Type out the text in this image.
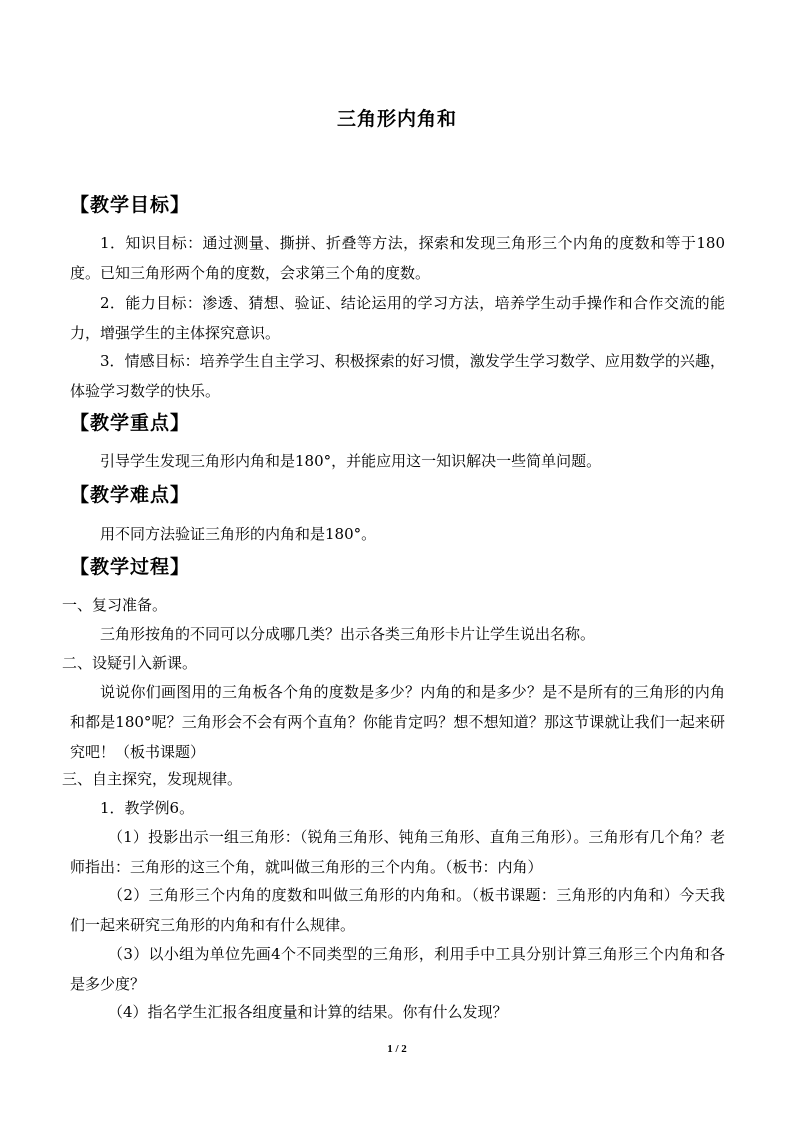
三角形内角和
【教学目标】
1．知识目标：通过测量、撕拼、折叠等方法，探索和发现三角形三个内角的度数和等于180度。已知三角形两个角的度数，会求第三个角的度数。
2．能力目标：渗透、猜想、验证、结论运用的学习方法，培养学生动手操作和合作交流的能力，增强学生的主体探究意识。
3．情感目标：培养学生自主学习、积极探索的好习惯，激发学生学习数学、应用数学的兴趣，体验学习数学的快乐。
【教学重点】
引导学生发现三角形内角和是180°，并能应用这一知识解决一些简单问题。
【教学难点】
用不同方法验证三角形的内角和是180°。
【教学过程】
一、复习准备。
三角形按角的不同可以分成哪几类？出示各类三角形卡片让学生说出名称。
二、设疑引入新课。
说说你们画图用的三角板各个角的度数是多少？内角的和是多少？是不是所有的三角形的内角和都是180°呢？三角形会不会有两个直角？你能肯定吗？想不想知道？那这节课就让我们一起来研究吧！（板书课题）
三、自主探究，发现规律。
1．教学例6。
（1）投影出示一组三角形：（锐角三角形、钝角三角形、直角三角形）。三角形有几个角？老师指出：三角形的这三个角，就叫做三角形的三个内角。（板书：内角）
（2）三角形三个内角的度数和叫做三角形的内角和。（板书课题：三角形的内角和）今天我们一起来研究三角形的内角和有什么规律。
（3）以小组为单位先画4个不同类型的三角形，利用手中工具分别计算三角形三个内角和各是多少度？
（4）指名学生汇报各组度量和计算的结果。你有什么发现？
1 / 2
